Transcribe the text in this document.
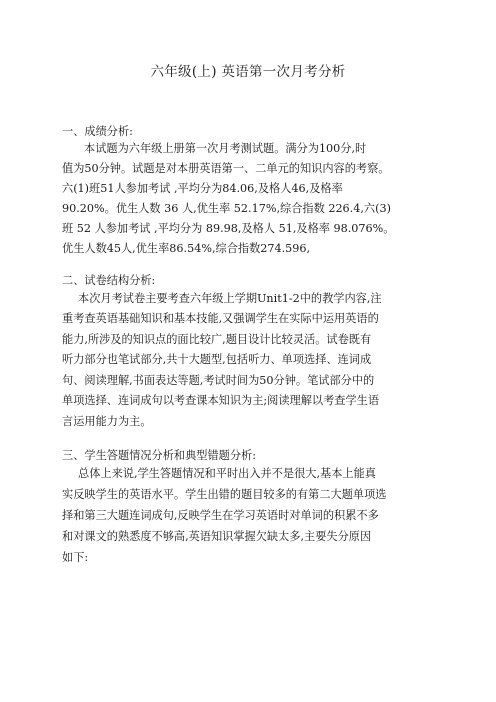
六年级(上) 英语第一次月考分析
一、成绩分析:
本试题为六年级上册第一次月考测试题。满分为100分,时
值为50分钟。试题是对本册英语第一、二单元的知识内容的考察。
六(1)班51人参加考试 ,平均分为84.06,及格人46,及格率
90.20%。优生人数 36 人,优生率 52.17%,综合指数 226.4,六(3)
班 52 人参加考试 ,平均分为 89.98,及格人 51,及格率 98.076%。
优生人数45人,优生率86.54%,综合指数274.596,
二、试卷结构分析:
本次月考试卷主要考查六年级上学期Unit1-2中的教学内容,注
重考查英语基础知识和基本技能,又强调学生在实际中运用英语的
能力,所涉及的知识点的面比较广,题目设计比较灵活。试卷既有
听力部分也笔试部分,共十大题型,包括听力、单项选择、连词成
句、阅读理解,书面表达等题,考试时间为50分钟。笔试部分中的
单项选择、连词成句以考查课本知识为主;阅读理解以考查学生语
言运用能力为主。
三、学生答题情况分析和典型错题分析:
总体上来说,学生答题情况和平时出入并不是很大,基本上能真
实反映学生的英语水平。学生出错的题目较多的有第二大题单项选
择和第三大题连词成句,反映学生在学习英语时对单词的积累不多
和对课文的熟悉度不够高,英语知识掌握欠缺太多,主要失分原因
如下:
